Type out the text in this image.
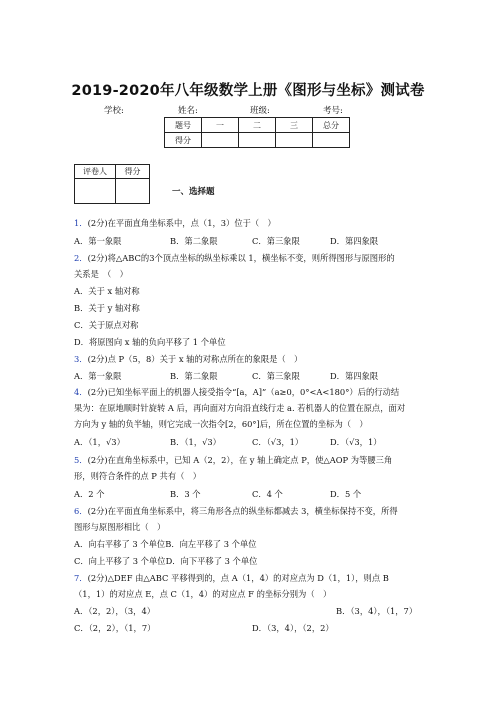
2019-2020年八年级数学上册《图形与坐标》测试卷
学校:	姓名:	班级:	考号:
题号	一	二	三	总分
得分				
评卷人	得分

一、选择题
1．(2分)在平面直角坐标系中，点（1，3）位于（　）
A．第一象限	B．第二象限	C．第三象限	D．第四象限
2．(2分)将△ABC的3个顶点坐标的纵坐标乘以 1，横坐标不变，则所得图形与原图形的
关系是　（　）
A．关于 x 轴对称
B．关于 y 轴对称
C．关于原点对称
D．将原图向 x 轴的负向平移了 1 个单位
3．(2分)点 P（5，8）关于 x 轴的对称点所在的象限是（　）
A．第一象限	B．第二象限	C．第三象限	D．第四象限
4．(2分)已知坐标平面上的机器人接受指令“[a，A]”（a≥0，0°<A<180°）后的行动结
果为：在原地顺时针旋转 A 后，再向面对方向沿直线行走 a. 若机器人的位置在原点，面对
方向为 y 轴的负半轴，则它完成一次指令[2，60°]后，所在位置的坐标为（　）
A．（1，√3）	B．（1，√3）	C．（√3，1）	D．（√3，1）
5．(2分)在直角坐标系中，已知 A（2，2），在 y 轴上确定点 P，使△AOP 为等腰三角
形，则符合条件的点 P 共有（　）
A．2 个	B．3 个	C．4 个	D．5 个
6．(2分)在平面直角坐标系中，将三角形各点的纵坐标都减去 3，横坐标保持不变，所得
图形与原图形相比（　）
A．向右平移了 3 个单位B．向左平移了 3 个单位
C．向上平移了 3 个单位D．向下平移了 3 个单位
7．(2分)△DEF 由△ABC 平移得到的，点 A（1，4）的对应点为 D（1，1），则点 B
（1，1）的对应点 E，点 C（1，4）的对应点 F 的坐标分别为（　）
A．（2，2），（3，4）	B．（3，4），（1，7）
C．（2，2），（1，7）	D．（3，4），（2，2）
